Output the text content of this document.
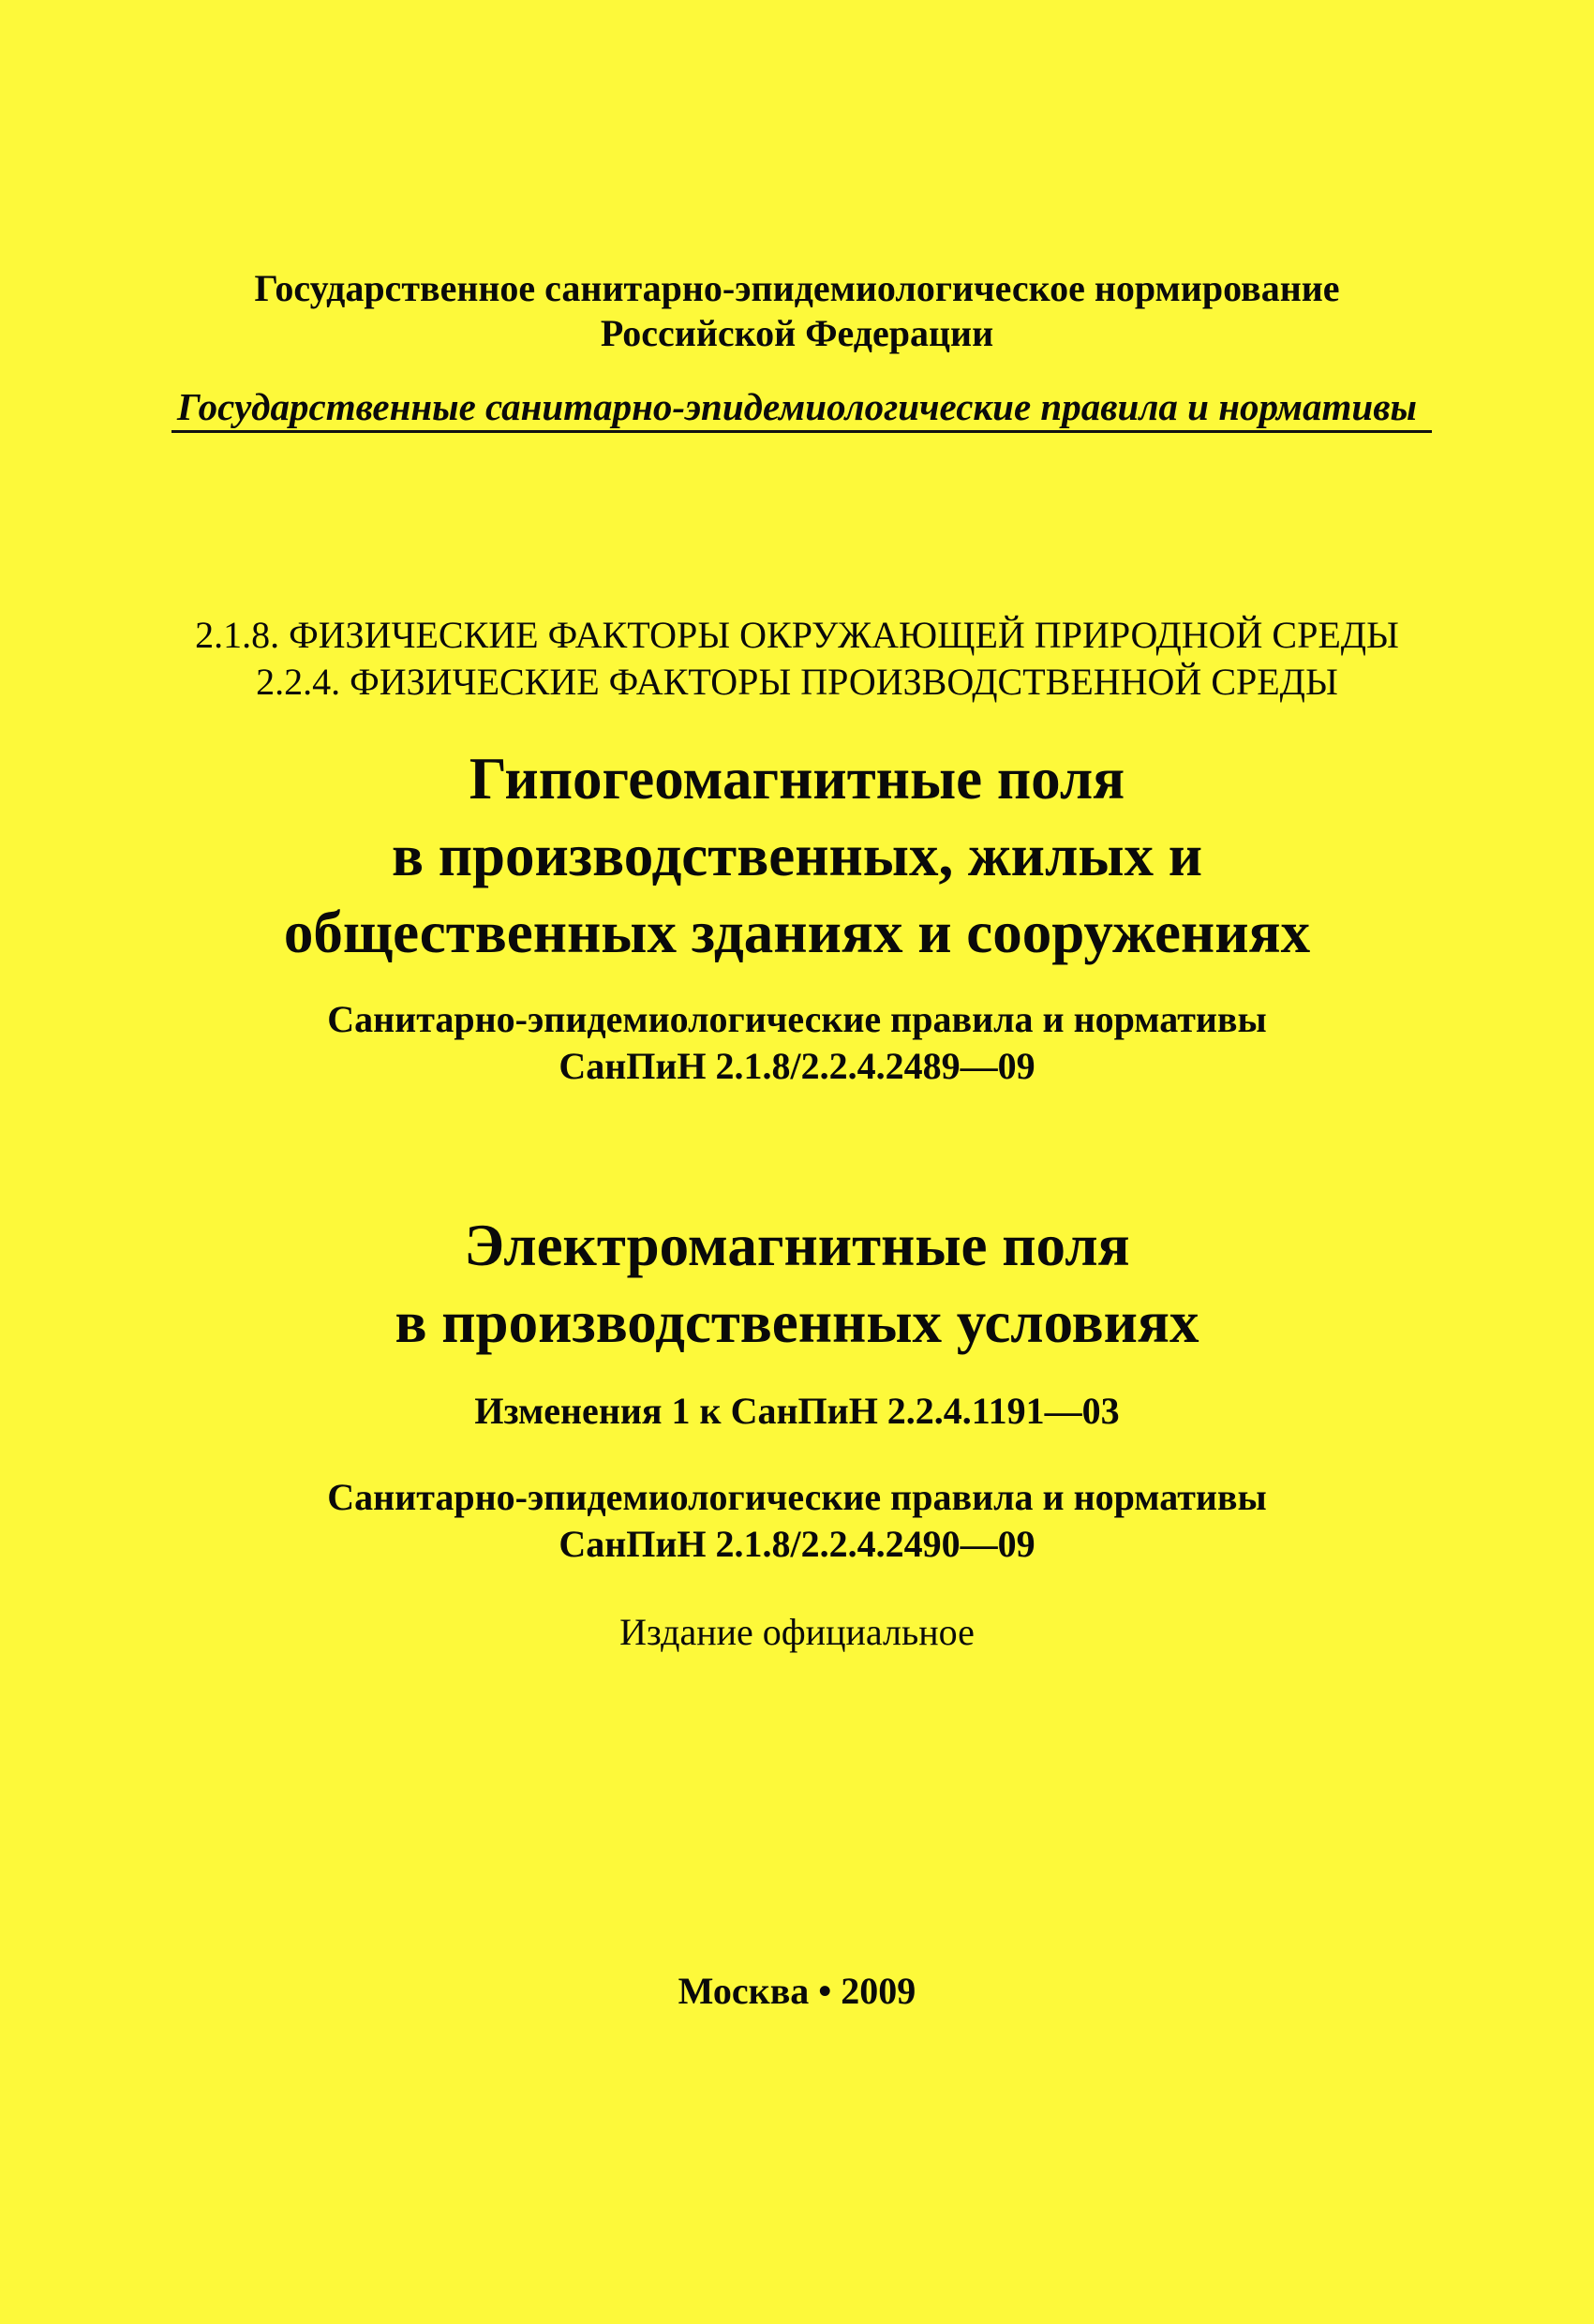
Государственное санитарно-эпидемиологическое нормирование
Российской Федерации
Государственные санитарно-эпидемиологические правила и нормативы
2.1.8. ФИЗИЧЕСКИЕ ФАКТОРЫ ОКРУЖАЮЩЕЙ ПРИРОДНОЙ СРЕДЫ
2.2.4. ФИЗИЧЕСКИЕ ФАКТОРЫ ПРОИЗВОДСТВЕННОЙ СРЕДЫ
Гипогеомагнитные поля
в производственных, жилых и
общественных зданиях и сооружениях
Санитарно-эпидемиологические правила и нормативы
СанПиН 2.1.8/2.2.4.2489—09
Электромагнитные поля
в производственных условиях
Изменения 1 к СанПиН 2.2.4.1191—03
Санитарно-эпидемиологические правила и нормативы
СанПиН 2.1.8/2.2.4.2490—09
Издание официальное
Москва • 2009
